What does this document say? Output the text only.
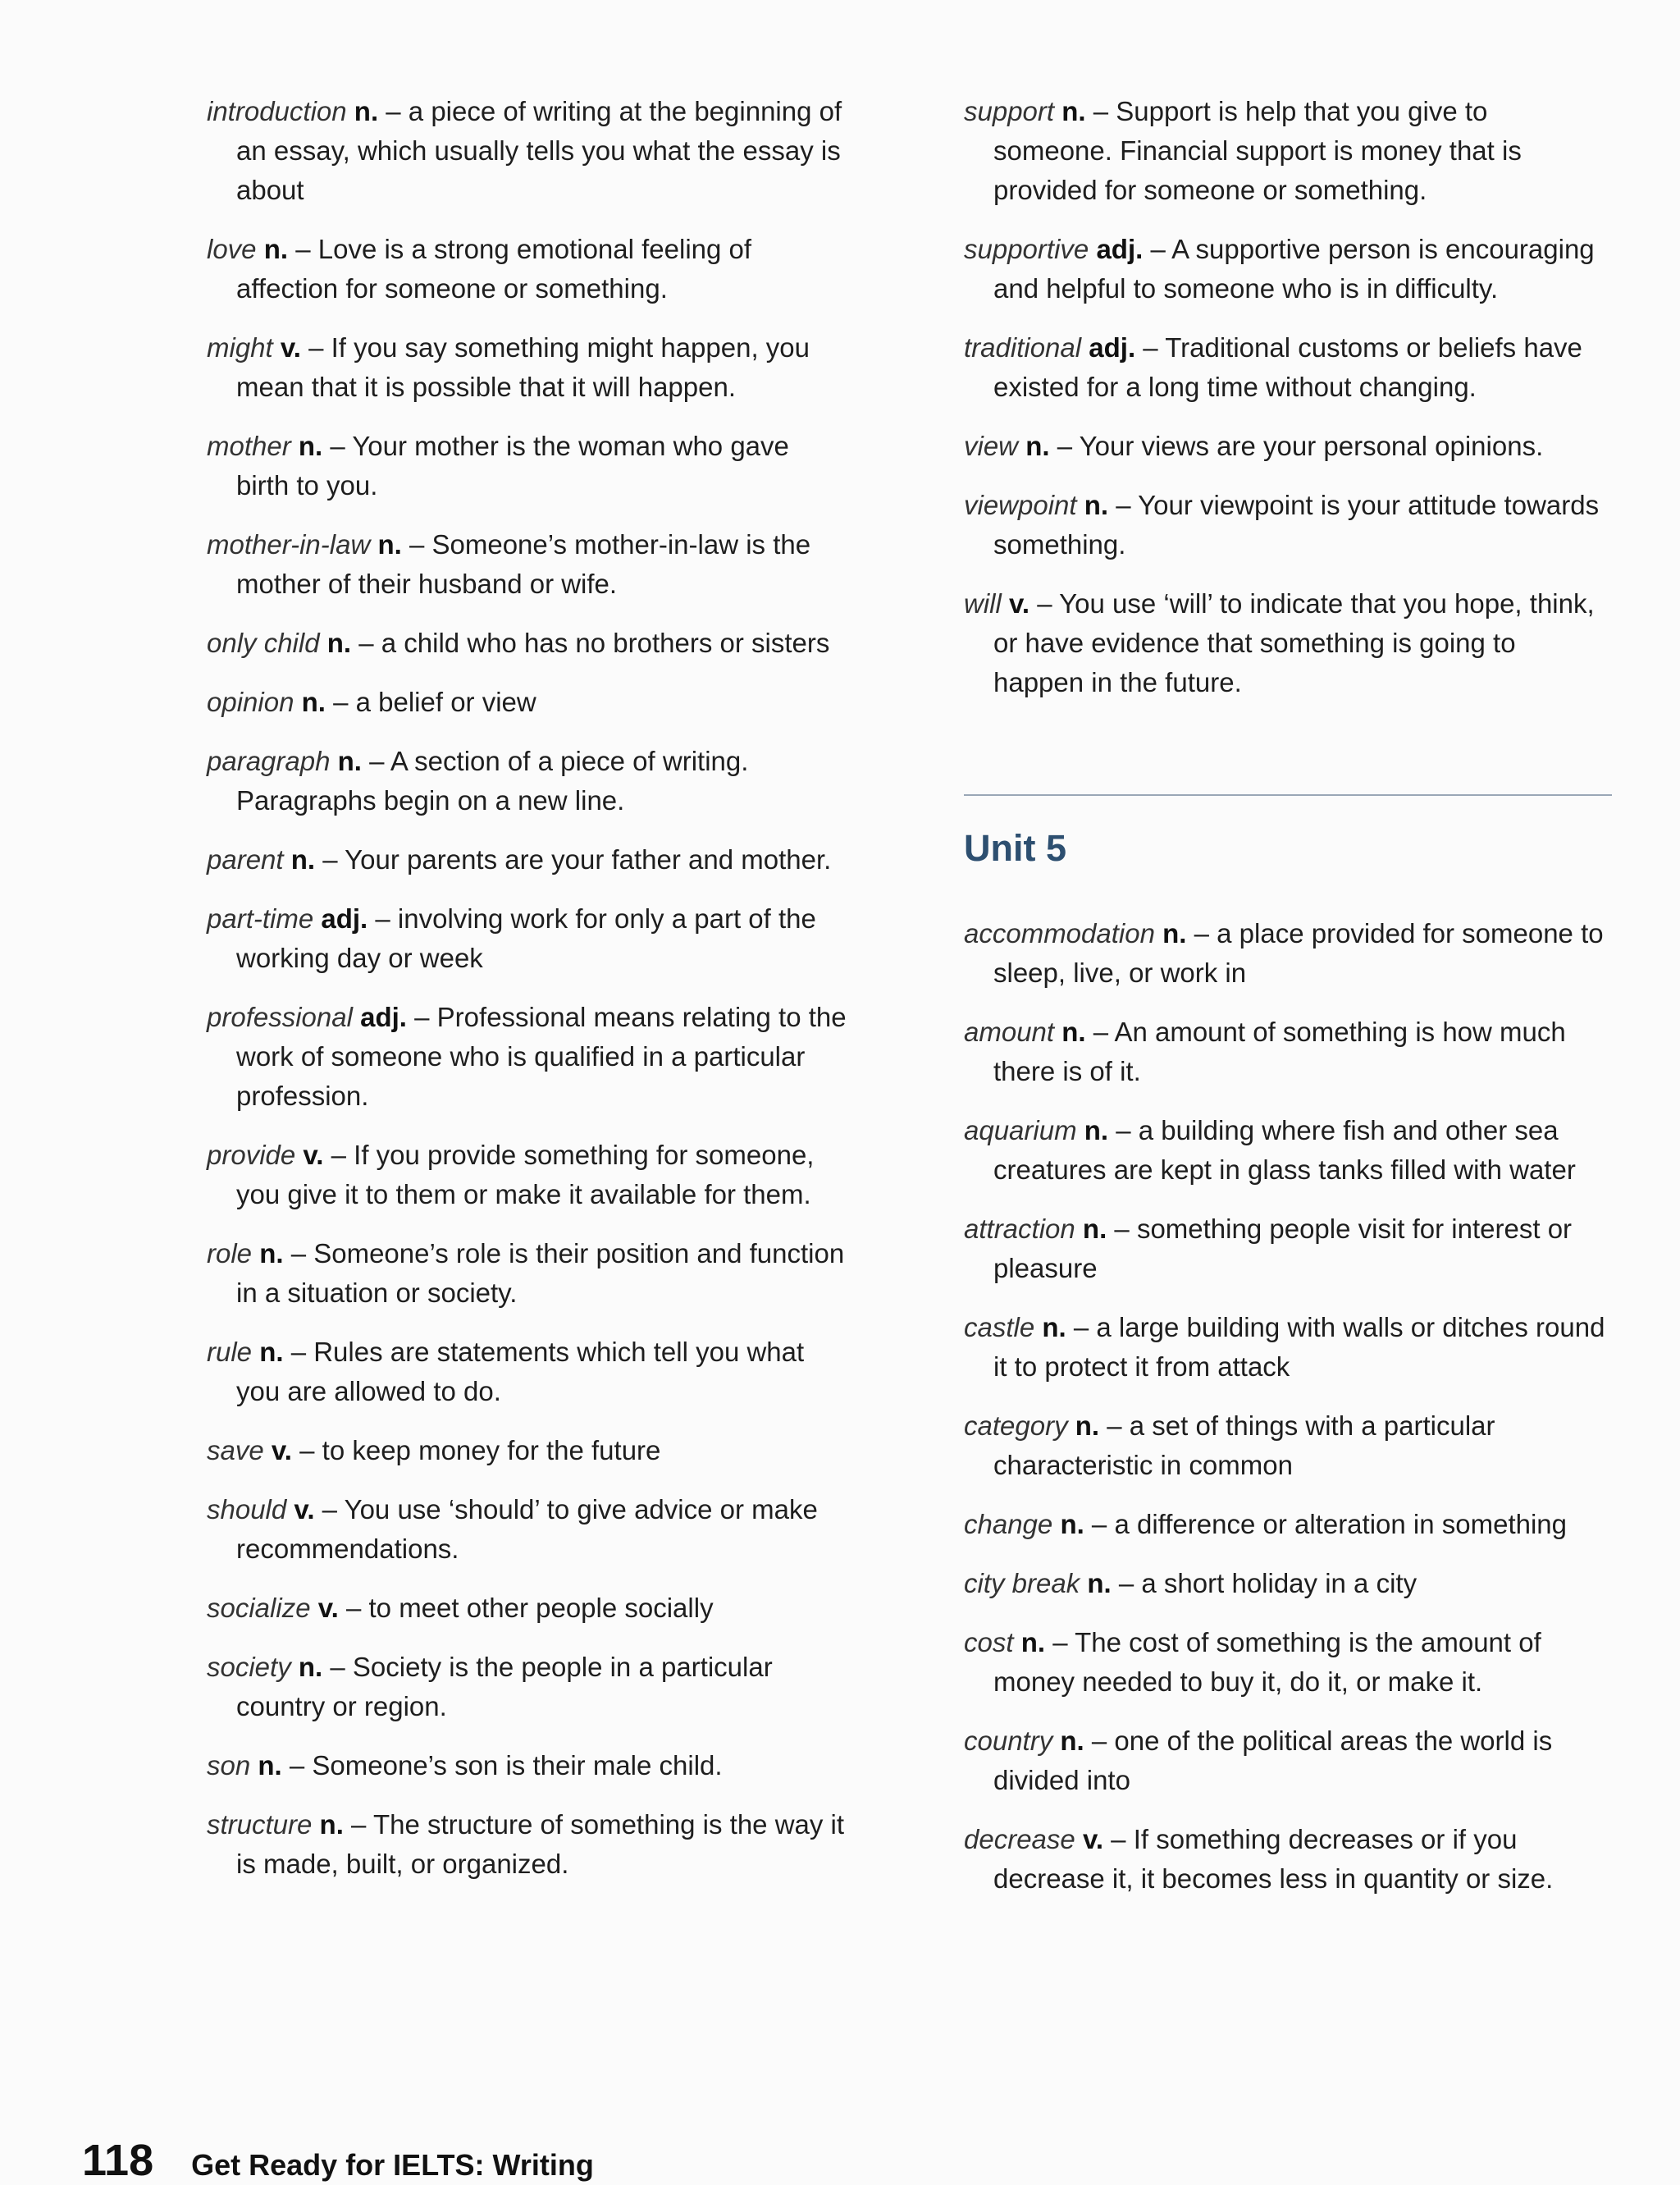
introduction n. – a piece of writing at the beginning of an essay, which usually tells you what the essay is about
love n. – Love is a strong emotional feeling of affection for someone or something.
might v. – If you say something might happen, you mean that it is possible that it will happen.
mother n. – Your mother is the woman who gave birth to you.
mother-in-law n. – Someone’s mother-in-law is the mother of their husband or wife.
only child n. – a child who has no brothers or sisters
opinion n. – a belief or view
paragraph n. – A section of a piece of writing. Paragraphs begin on a new line.
parent n. – Your parents are your father and mother.
part-time adj. – involving work for only a part of the working day or week
professional adj. – Professional means relating to the work of someone who is qualified in a particular profession.
provide v. – If you provide something for someone, you give it to them or make it available for them.
role n. – Someone’s role is their position and function in a situation or society.
rule n. – Rules are statements which tell you what you are allowed to do.
save v. – to keep money for the future
should v. – You use ‘should’ to give advice or make recommendations.
socialize v. – to meet other people socially
society n. – Society is the people in a particular country or region.
son n. – Someone’s son is their male child.
structure n. – The structure of something is the way it is made, built, or organized.
support n. – Support is help that you give to someone. Financial support is money that is provided for someone or something.
supportive adj. – A supportive person is encouraging and helpful to someone who is in difficulty.
traditional adj. – Traditional customs or beliefs have existed for a long time without changing.
view n. – Your views are your personal opinions.
viewpoint n. – Your viewpoint is your attitude towards something.
will v. – You use ‘will’ to indicate that you hope, think, or have evidence that something is going to happen in the future.
Unit 5
accommodation n. – a place provided for someone to sleep, live, or work in
amount n. – An amount of something is how much there is of it.
aquarium n. – a building where fish and other sea creatures are kept in glass tanks filled with water
attraction n. – something people visit for interest or pleasure
castle n. – a large building with walls or ditches round it to protect it from attack
category n. – a set of things with a particular characteristic in common
change n. – a difference or alteration in something
city break n. – a short holiday in a city
cost n. – The cost of something is the amount of money needed to buy it, do it, or make it.
country n. – one of the political areas the world is divided into
decrease v. – If something decreases or if you decrease it, it becomes less in quantity or size.
118 Get Ready for IELTS: Writing
